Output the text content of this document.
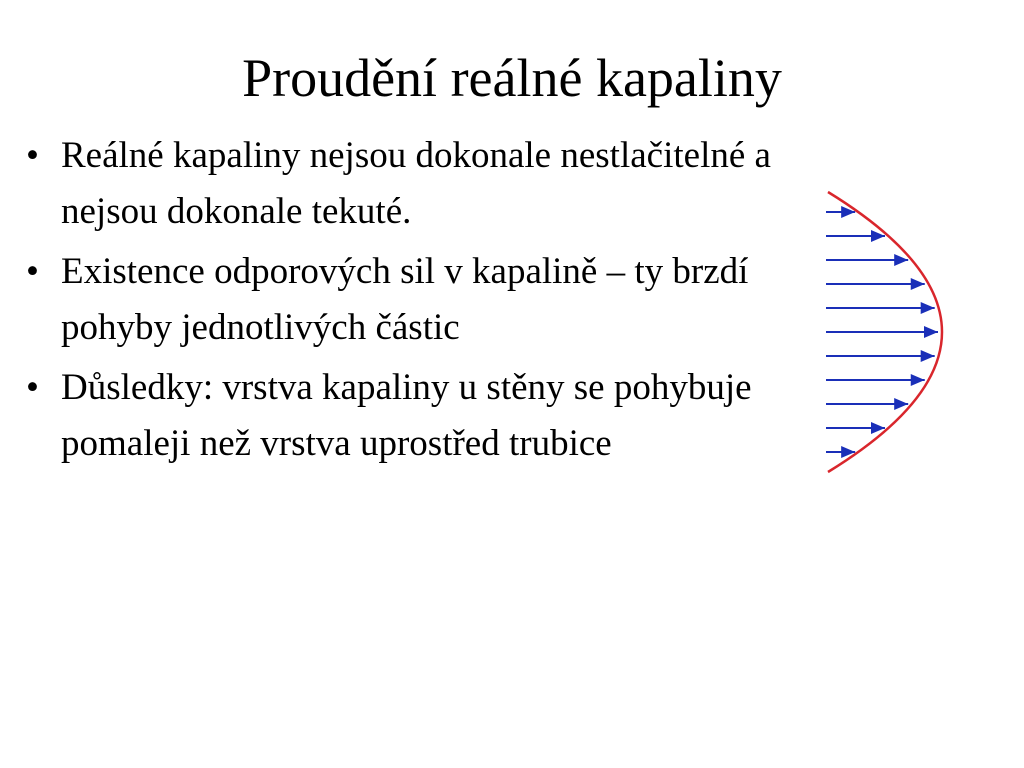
Proudění reálné kapaliny
• Reálné kapaliny nejsou dokonale nestlačitelné a nejsou dokonale tekuté.
• Existence odporových sil v kapalině – ty brzdí pohyby jednotlivých částic
• Důsledky: vrstva kapaliny u stěny se pohybuje pomaleji než vrstva uprostřed trubice
